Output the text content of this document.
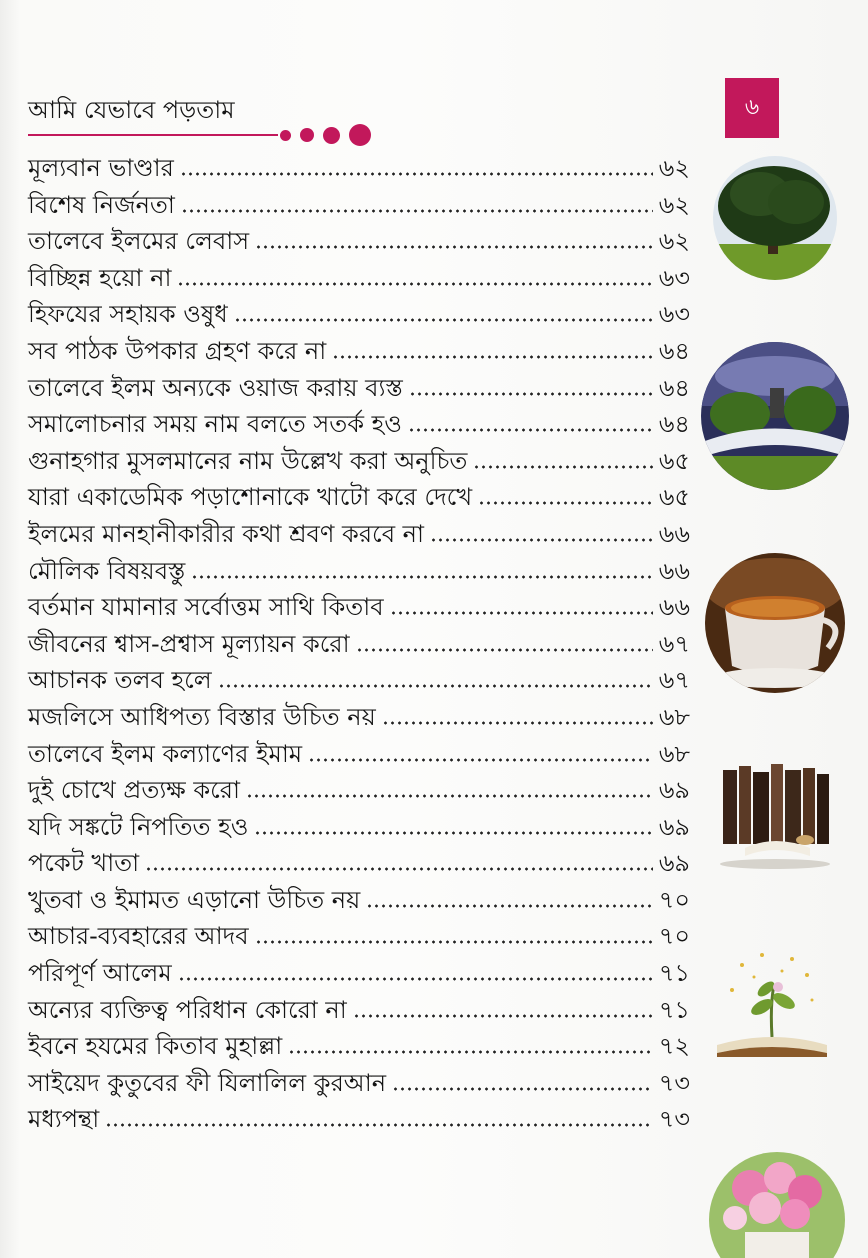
আমি যেভাবে পড়তাম	৬
মূল্যবান ভাণ্ডার	৬২
বিশেষ নির্জনতা	৬২
তালেবে ইলমের লেবাস	৬২
বিচ্ছিন্ন হয়ো না	৬৩
হিফযের সহায়ক ওষুধ	৬৩
সব পাঠক উপকার গ্রহণ করে না	৬৪
তালেবে ইলম অন্যকে ওয়াজ করায় ব্যস্ত	৬৪
সমালোচনার সময় নাম বলতে সতর্ক হও	৬৪
গুনাহগার মুসলমানের নাম উল্লেখ করা অনুচিত	৬৫
যারা একাডেমিক পড়াশোনাকে খাটো করে দেখে	৬৫
ইলমের মানহানীকারীর কথা শ্রবণ করবে না	৬৬
মৌলিক বিষয়বস্তু	৬৬
বর্তমান যামানার সর্বোত্তম সাথি কিতাব	৬৬
জীবনের শ্বাস-প্রশ্বাস মূল্যায়ন করো	৬৭
আচানক তলব হলে	৬৭
মজলিসে আধিপত্য বিস্তার উচিত নয়	৬৮
তালেবে ইলম কল্যাণের ইমাম	৬৮
দুই চোখে প্রত্যক্ষ করো	৬৯
যদি সঙ্কটে নিপতিত হও	৬৯
পকেট খাতা	৬৯
খুতবা ও ইমামত এড়ানো উচিত নয়	৭০
আচার-ব্যবহারের আদব	৭০
পরিপূর্ণ আলেম	৭১
অন্যের ব্যক্তিত্ব পরিধান কোরো না	৭১
ইবনে হযমের কিতাব মুহাল্লা	৭২
সাইয়েদ কুতুবের ফী যিলালিল কুরআন	৭৩
মধ্যপন্থা	৭৩
